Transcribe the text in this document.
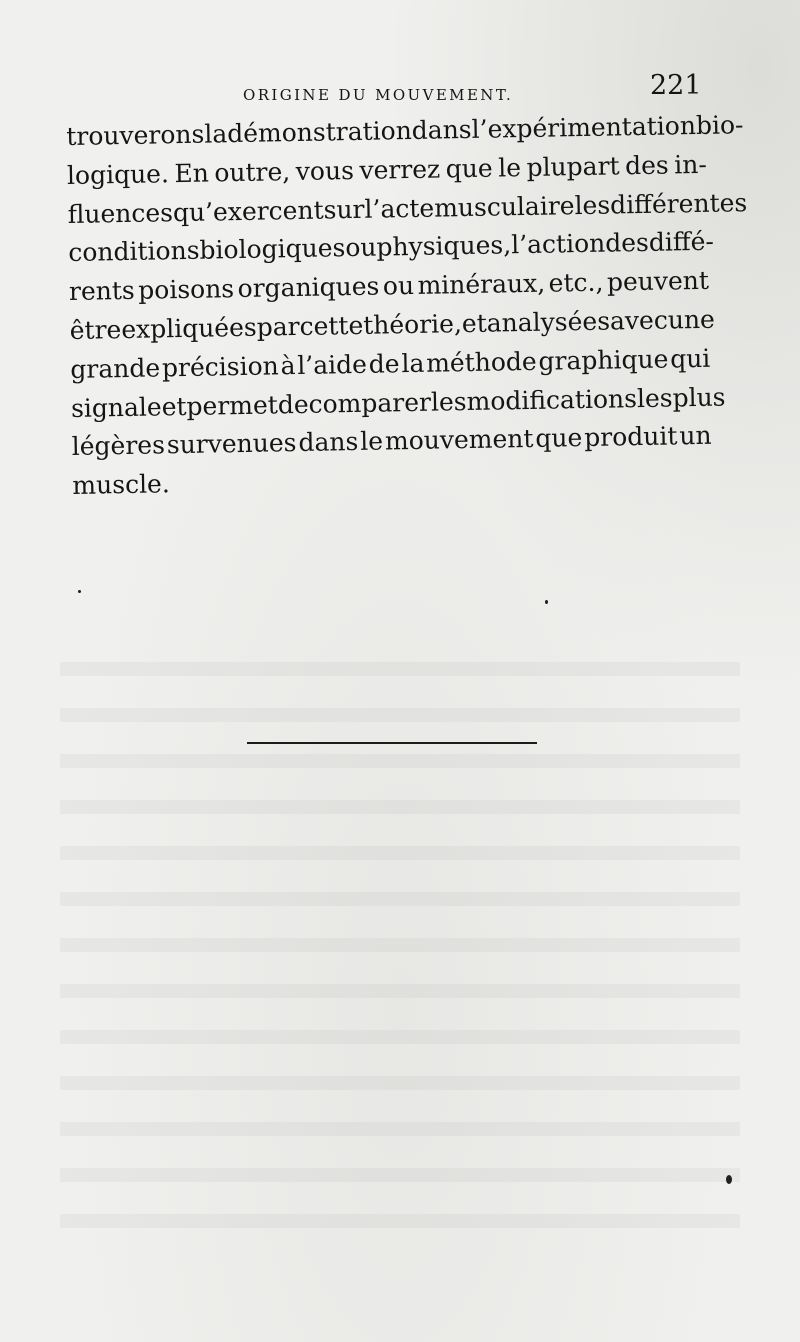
ORIGINE DU MOUVEMENT.	221
trouverons la démonstration dans l’expérimentation bio-
logique. En outre, vous verrez que le plupart des in-
fluences qu’exercent sur l’acte musculaire les différentes
conditions biologiques ou physiques, l’action des diffé-
rents poisons organiques ou minéraux, etc., peuvent
être expliquées par cette théorie, et analysées avec une
grande précision à l’aide de la méthode graphique qui
signale et permet de comparer les modifications les plus
légères survenues dans le mouvement que produit un
muscle.
